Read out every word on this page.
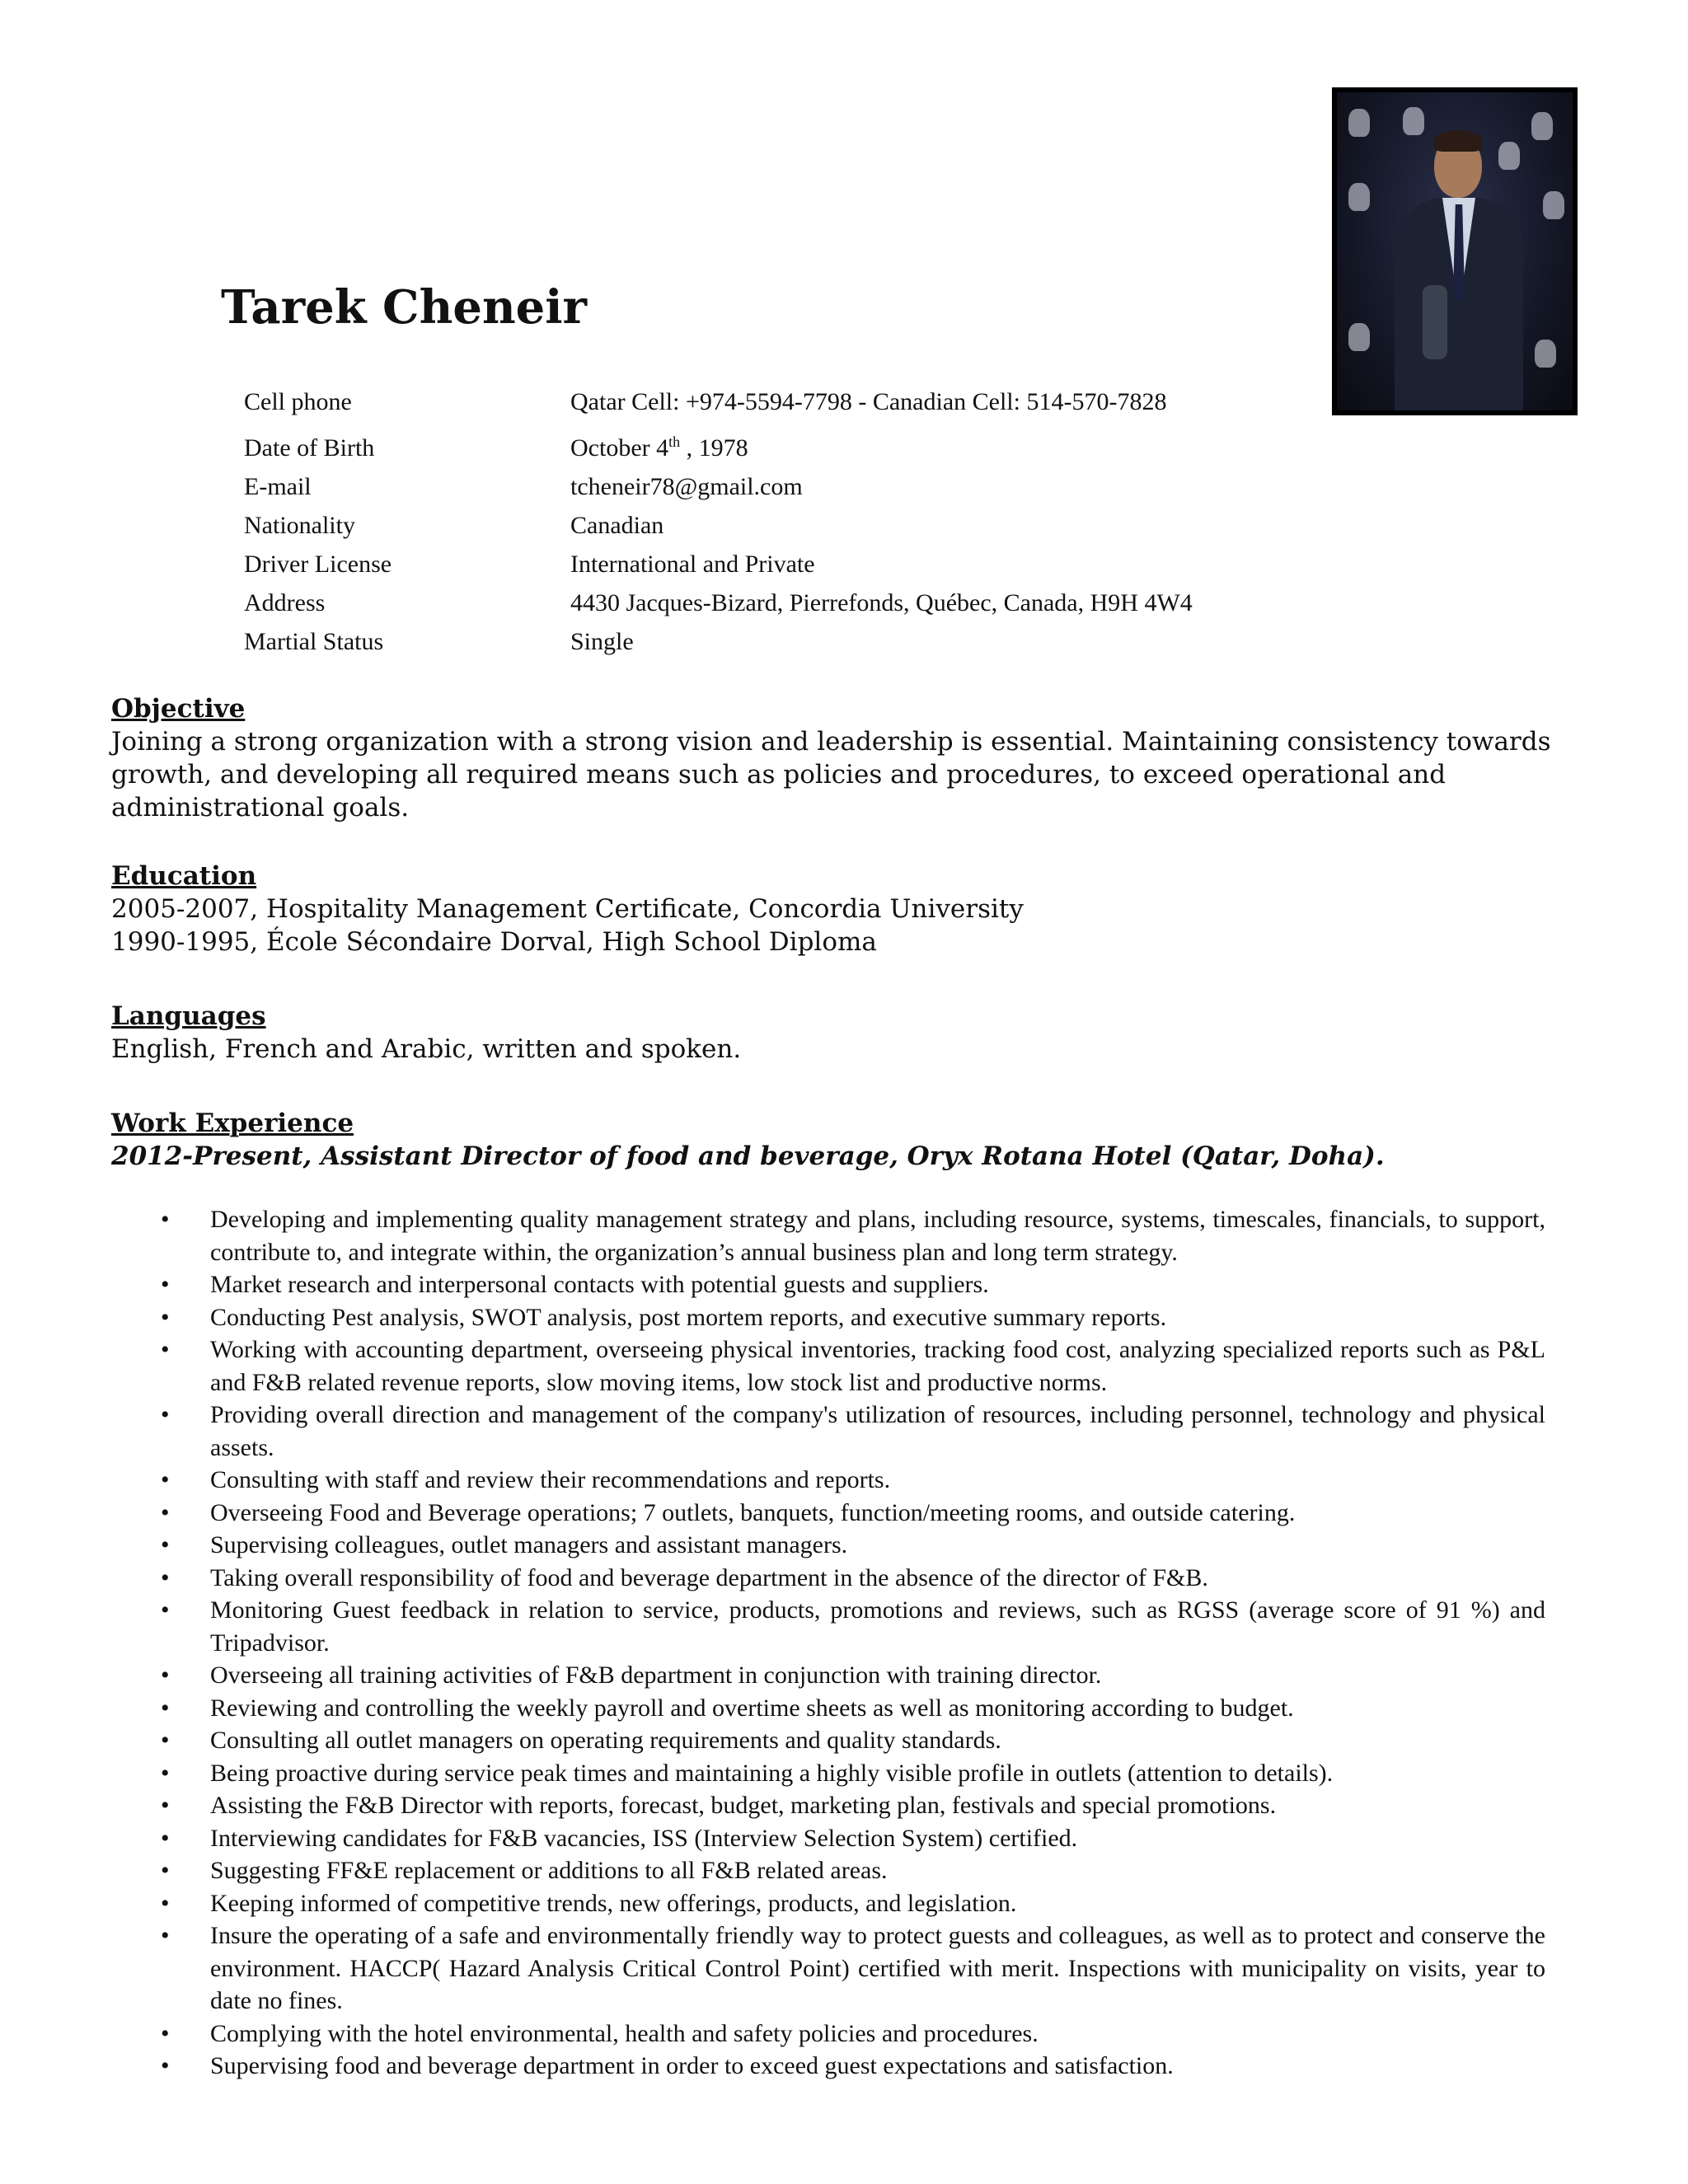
Tarek Cheneir
Cell phone	Qatar Cell: +974-5594-7798 - Canadian Cell: 514-570-7828
Date of Birth	October 4th , 1978
E-mail	tcheneir78@gmail.com
Nationality	Canadian
Driver License	International and Private
Address	4430 Jacques-Bizard, Pierrefonds, Québec, Canada, H9H 4W4
Martial Status	Single
Objective

Joining a strong organization with a strong vision and leadership is essential. Maintaining consistency towards

growth, and developing all required means such as policies and procedures, to exceed operational and

administrational goals.

Education

2005-2007, Hospitality Management Certificate, Concordia University

1990-1995, École Sécondaire Dorval, High School Diploma

Languages

English, French and Arabic, written and spoken.

Work Experience

2012-Present, Assistant Director of food and beverage, Oryx Rotana Hotel (Qatar, Doha).

• Developing and implementing quality management strategy and plans, including resource, systems, timescales, financials, to support, contribute to, and integrate within, the organization’s annual business plan and long term strategy.
• Market research and interpersonal contacts with potential guests and suppliers.
• Conducting Pest analysis, SWOT analysis, post mortem reports, and executive summary reports.
• Working with accounting department, overseeing physical inventories, tracking food cost, analyzing specialized reports such as P&L and F&B related revenue reports, slow moving items, low stock list and productive norms.
• Providing overall direction and management of the company's utilization of resources, including personnel, technology and physical assets.
• Consulting with staff and review their recommendations and reports.
• Overseeing Food and Beverage operations; 7 outlets, banquets, function/meeting rooms, and outside catering.
• Supervising colleagues, outlet managers and assistant managers.
• Taking overall responsibility of food and beverage department in the absence of the director of F&B.
• Monitoring Guest feedback in relation to service, products, promotions and reviews, such as RGSS (average score of 91 %) and Tripadvisor.
• Overseeing all training activities of F&B department in conjunction with training director.
• Reviewing and controlling the weekly payroll and overtime sheets as well as monitoring according to budget.
• Consulting all outlet managers on operating requirements and quality standards.
• Being proactive during service peak times and maintaining a highly visible profile in outlets (attention to details).
• Assisting the F&B Director with reports, forecast, budget, marketing plan, festivals and special promotions.
• Interviewing candidates for F&B vacancies, ISS (Interview Selection System) certified.
• Suggesting FF&E replacement or additions to all F&B related areas.
• Keeping informed of competitive trends, new offerings, products, and legislation.
• Insure the operating of a safe and environmentally friendly way to protect guests and colleagues, as well as to protect and conserve the environment. HACCP( Hazard Analysis Critical Control Point) certified with merit. Inspections with municipality on visits, year to date no fines.
• Complying with the hotel environmental, health and safety policies and procedures.
• Supervising food and beverage department in order to exceed guest expectations and satisfaction.
